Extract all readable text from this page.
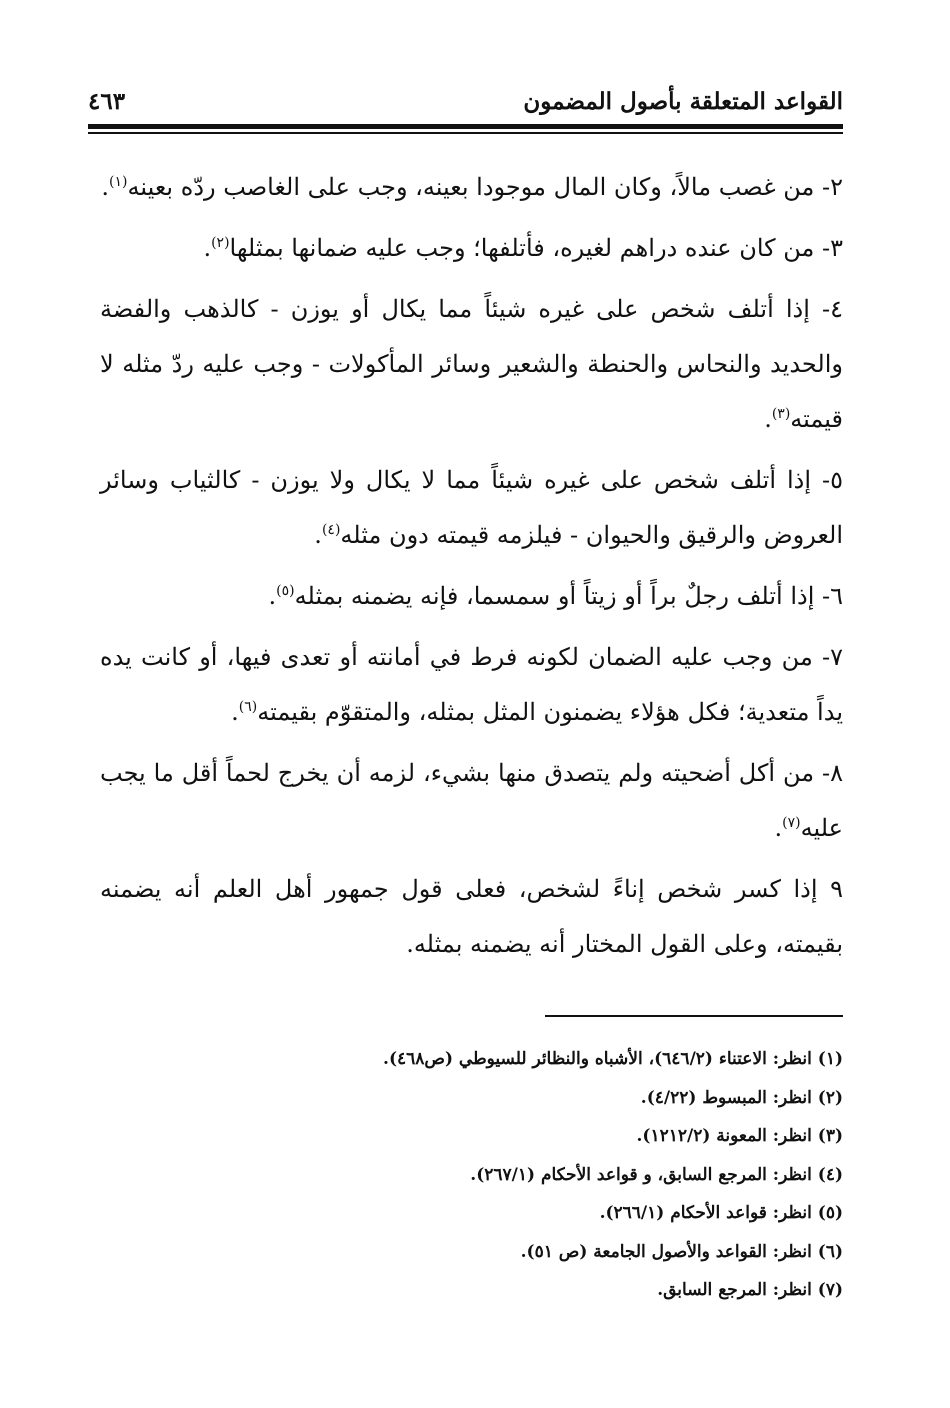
القواعد المتعلقة بأصول المضمون
٤٦٣

٢- من غصب مالاً، وكان المال موجودا بعينه، وجب على الغاصب ردّه بعينه$^{(١)}$.

٣- من كان عنده دراهم لغيره، فأتلفها؛ وجب عليه ضمانها بمثلها$^{(٢)}$.

٤- إذا أتلف شخص على غيره شيئاً مما يكال أو يوزن - كالذهب والفضة والحديد والنحاس والحنطة والشعير وسائر المأكولات - وجب عليه ردّ مثله لا قيمته$^{(٣)}$.

٥- إذا أتلف شخص على غيره شيئاً مما لا يكال ولا يوزن - كالثياب وسائر العروض والرقيق والحيوان - فيلزمه قيمته دون مثله$^{(٤)}$.

٦- إذا أتلف رجلٌ براً أو زيتاً أو سمسما، فإنه يضمنه بمثله$^{(٥)}$.

٧- من وجب عليه الضمان لكونه فرط في أمانته أو تعدى فيها، أو كانت يده يداً متعدية؛ فكل هؤلاء يضمنون المثل بمثله، والمتقوّم بقيمته$^{(٦)}$.

٨- من أكل أضحيته ولم يتصدق منها بشيء، لزمه أن يخرج لحماً أقل ما يجب عليه$^{(٧)}$.

٩ إذا كسر شخص إناءً لشخص، فعلى قول جمهور أهل العلم أنه يضمنه بقيمته، وعلى القول المختار أنه يضمنه بمثله.

(١) انظر: الاعتناء (٦٤٦/٢)، الأشباه والنظائر للسيوطي (ص٤٦٨).

(٢) انظر: المبسوط (٤/٢٢).

(٣) انظر: المعونة (١٢١٢/٢).

(٤) انظر: المرجع السابق، و قواعد الأحكام (٢٦٧/١).

(٥) انظر: قواعد الأحكام (٢٦٦/١).

(٦) انظر: القواعد والأصول الجامعة (ص ٥١).

(٧) انظر: المرجع السابق.
